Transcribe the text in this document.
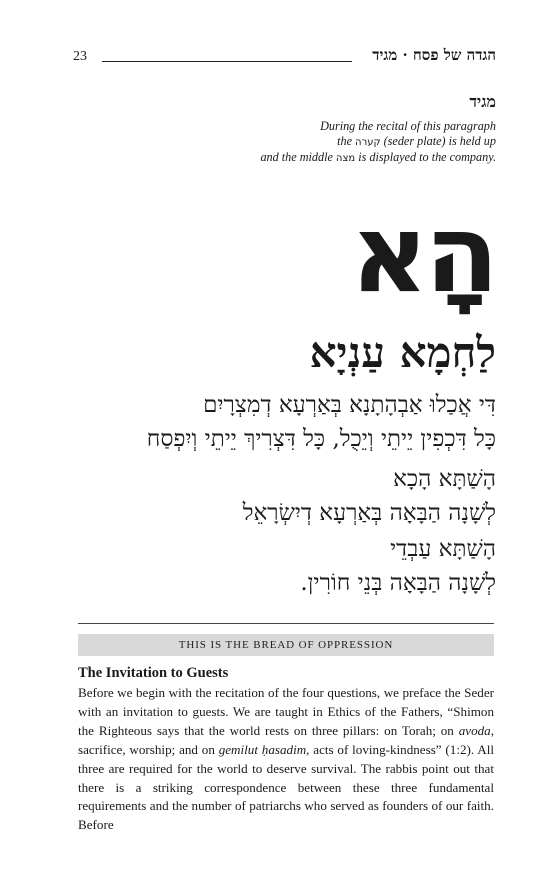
23	הגדה של פסח · מגיד
מגיד
During the recital of this paragraph
the קערה (seder plate) is held up
and the middle מצה is displayed to the company.
הָא
לַחְמָא עַנְיָא
דִּי אֲכַלוּ אַבְהָתָנָא בְּאַרְעָא דְמִצְרָיִם
כָּל דִּכְפִין יֵיתֵי וְיֵכֻל, כָּל דִּצְרִיךְ יֵיתֵי וְיִפְסַח
הָשַׁתָּא הָכָא
לְשָׁנָה הַבָּאָה בְּאַרְעָא דְיִשְׂרָאֵל
הָשַׁתָּא עַבְדֵי
לְשָׁנָה הַבָּאָה בְּנֵי חוֹרִין.
THIS IS THE BREAD OF OPPRESSION
The Invitation to Guests

Before we begin with the recitation of the four questions, we preface the Seder with an invitation to guests. We are taught in Ethics of the Fathers, “Shimon the Righteous says that the world rests on three pillars: on Torah; on avoda, sacrifice, worship; and on gemilut ḥasadim, acts of loving-kindness” (1:2). All three are required for the world to deserve survival. The rabbis point out that there is a striking correspondence between these three fundamental requirements and the number of patriarchs who served as founders of our faith. Before
